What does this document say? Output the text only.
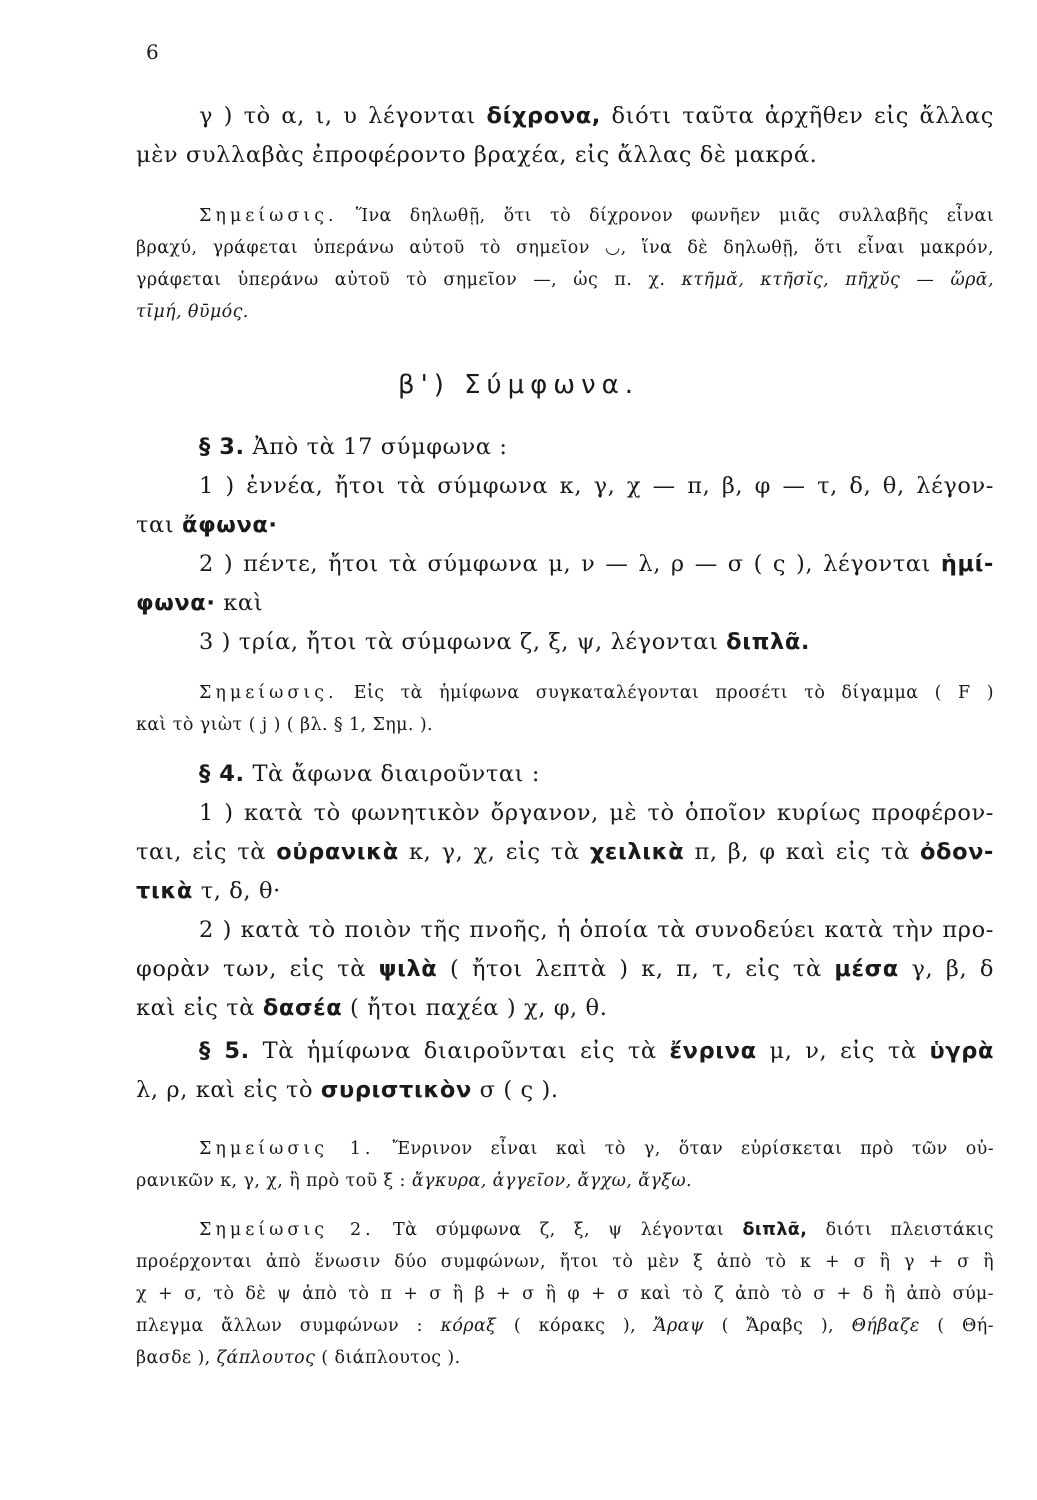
6
γ ) τὸ α, ι, υ λέγονται δίχρονα, διότι ταῦτα ἀρχῆθεν εἰς ἄλλας
μὲν συλλαβὰς ἐπροφέροντο βραχέα, εἰς ἄλλας δὲ μακρά.
Σημείωσις. Ἵνα δηλωθῇ, ὅτι τὸ δίχρονον φωνῆεν μιᾶς συλλαβῆς εἶναι
βραχύ, γράφεται ὑπεράνω αὐτοῦ τὸ σημεῖον ◡, ἵνα δὲ δηλωθῇ, ὅτι εἶναι μακρόν,
γράφεται ὑπεράνω αὐτοῦ τὸ σημεῖον —, ὡς π. χ. κτῆμᾰ, κτῆσῐς, πῆχῠς — ὥρᾱ,
τῑμή, θῡμός.
β') Σύμφωνα.
§ 3. Ἀπὸ τὰ 17 σύμφωνα :
1 ) ἐννέα, ἤτοι τὰ σύμφωνα κ, γ, χ — π, β, φ — τ, δ, θ, λέγον-
ται ἄφωνα·
2 ) πέντε, ἤτοι τὰ σύμφωνα μ, ν — λ, ρ — σ ( ς ), λέγονται ἡμί-
φωνα· καὶ
3 ) τρία, ἤτοι τὰ σύμφωνα ζ, ξ, ψ, λέγονται διπλᾶ.
Σημείωσις. Εἰς τὰ ἡμίφωνα συγκαταλέγονται προσέτι τὸ δίγαμμα ( F )
καὶ τὸ γιὼτ ( j ) ( βλ. § 1, Σημ. ).
§ 4. Τὰ ἄφωνα διαιροῦνται :
1 ) κατὰ τὸ φωνητικὸν ὄργανον, μὲ τὸ ὁποῖον κυρίως προφέρον-
ται, εἰς τὰ οὐρανικὰ κ, γ, χ, εἰς τὰ χειλικὰ π, β, φ καὶ εἰς τὰ ὀδον-
τικὰ τ, δ, θ·
2 ) κατὰ τὸ ποιὸν τῆς πνοῆς, ἡ ὁποία τὰ συνοδεύει κατὰ τὴν προ-
φορὰν των, εἰς τὰ ψιλὰ ( ἤτοι λεπτὰ ) κ, π, τ, εἰς τὰ μέσα γ, β, δ
καὶ εἰς τὰ δασέα ( ἤτοι παχέα ) χ, φ, θ.
§ 5. Τὰ ἡμίφωνα διαιροῦνται εἰς τὰ ἔνρινα μ, ν, εἰς τὰ ὑγρὰ
λ, ρ, καὶ εἰς τὸ συριστικὸν σ ( ς ).
Σημείωσις 1. Ἔνρινον εἶναι καὶ τὸ γ, ὅταν εὑρίσκεται πρὸ τῶν οὐ-
ρανικῶν κ, γ, χ, ἢ πρὸ τοῦ ξ : ἄγκυρα, ἀγγεῖον, ἄγχω, ἄγξω.
Σημείωσις 2. Τὰ σύμφωνα ζ, ξ, ψ λέγονται διπλᾶ, διότι πλειστάκις
προέρχονται ἀπὸ ἕνωσιν δύο συμφώνων, ἤτοι τὸ μὲν ξ ἀπὸ τὸ κ + σ ἢ γ + σ ἢ
χ + σ, τὸ δὲ ψ ἀπὸ τὸ π + σ ἢ β + σ ἢ φ + σ καὶ τὸ ζ ἀπὸ τὸ σ + δ ἢ ἀπὸ σύμ-
πλεγμα ἄλλων συμφώνων : κόραξ ( κόρακς ), Ἄραψ ( Ἄραβς ), Θήβαζε ( Θή-
βασδε ), ζάπλουτος ( διάπλουτος ).
